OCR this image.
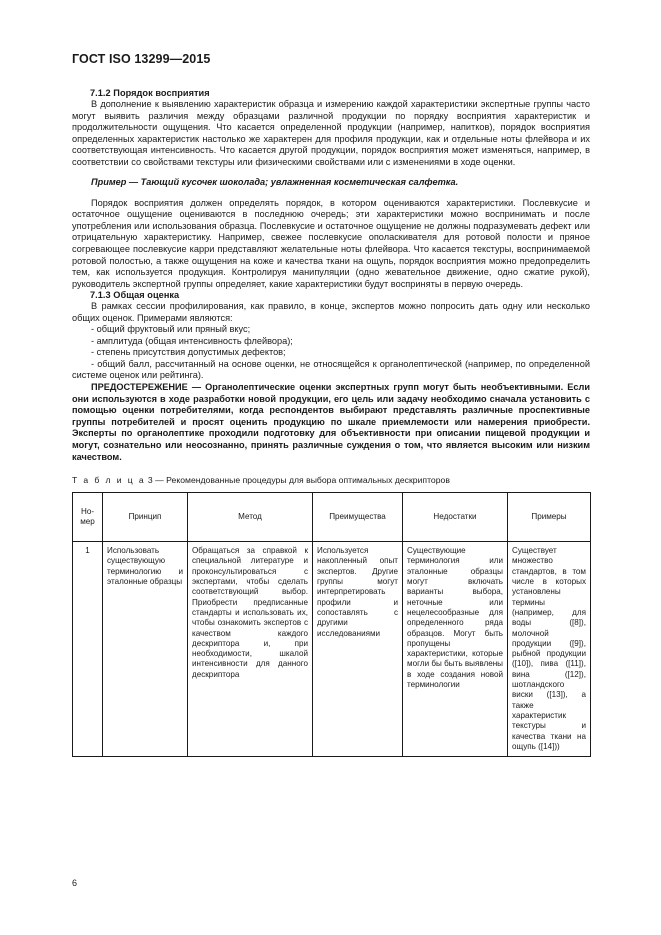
ГОСТ ISO 13299—2015
7.1.2 Порядок восприятия

В дополнение к выявлению характеристик образца и измерению каждой характеристики экспертные группы часто могут выявить различия между образцами различной продукции по порядку восприятия характеристик и продолжительности ощущения. Что касается определенной продукции (например, напитков), порядок восприятия определенных характеристик настолько же характерен для профиля продукции, как и отдельные ноты флейвора и их соответствующая интенсивность. Что касается другой продукции, порядок восприятия может изменяться, например, в соответствии со свойствами текстуры или физическими свойствами или с изменениями в ходе оценки.

Пример — Тающий кусочек шоколада; увлажненная косметическая салфетка.

Порядок восприятия должен определять порядок, в котором оцениваются характеристики. Послевкусие и остаточное ощущение оцениваются в последнюю очередь; эти характеристики можно воспринимать и после употребления или использования образца. Послевкусие и остаточное ощущение не должны подразумевать дефект или отрицательную характеристику. Например, свежее послевкусие ополаскивателя для ротовой полости и пряное согревающее послевкусие карри представляют желательные ноты флейвора. Что касается текстуры, воспринимаемой ротовой полостью, а также ощущения на коже и качества ткани на ощупь, порядок восприятия можно предопределить тем, как используется продукция. Контролируя манипуляции (одно жевательное движение, одно сжатие рукой), руководитель экспертной группы определяет, какие характеристики будут восприняты в первую очередь.

7.1.3 Общая оценка

В рамках сессии профилирования, как правило, в конце, экспертов можно попросить дать одну или несколько общих оценок. Примерами являются:

- общий фруктовый или пряный вкус;
- амплитуда (общая интенсивность флейвора);
- степень присутствия допустимых дефектов;
- общий балл, рассчитанный на основе оценки, не относящейся к органолептической (например, по определенной системе оценок или рейтинга).

ПРЕДОСТЕРЕЖЕНИЕ — Органолептические оценки экспертных групп могут быть необъективными. Если они используются в ходе разработки новой продукции, его цель или задачу необходимо сначала установить с помощью оценки потребителями, когда респондентов выбирают представлять различные проспективные группы потребителей и просят оценить продукцию по шкале приемлемости или намерения приобрести. Эксперты по органолептике проходили подготовку для объективности при описании пищевой продукции и могут, сознательно или неосознанно, принять различные суждения о том, что является высоким или низким качеством.

Т а б л и ц а 3 — Рекомендованные процедуры для выбора оптимальных дескрипторов
Но-
мер	Принцип	Метод	Преимущества	Недостатки	Примеры
1	Использовать существующую терминологию и эталонные образцы	Обращаться за справкой к специальной литературе и проконсультироваться с экспертами, чтобы сделать соответствующий выбор. Приобрести предписанные стандарты и использовать их, чтобы ознакомить экспертов с качеством каждого дескриптора и, при необходимости, шкалой интенсивности для данного дескриптора	Используется накопленный опыт экспертов. Другие группы могут интерпретировать профили и сопоставлять с другими исследованиями	Существующие терминология или эталонные образцы могут включать варианты выбора, неточные или нецелесообразные для определенного ряда образцов. Могут быть пропущены характеристики, которые могли бы быть выявлены в ходе создания новой терминологии	Существует множество стандартов, в том числе в которых установлены термины (например, для воды ([8]), молочной продукции ([9]), рыбной продукции ([10]), пива ([11]), вина ([12]), шотландского виски ([13]), а также характеристик текстуры и качества ткани на ощупь ([14]))
6
